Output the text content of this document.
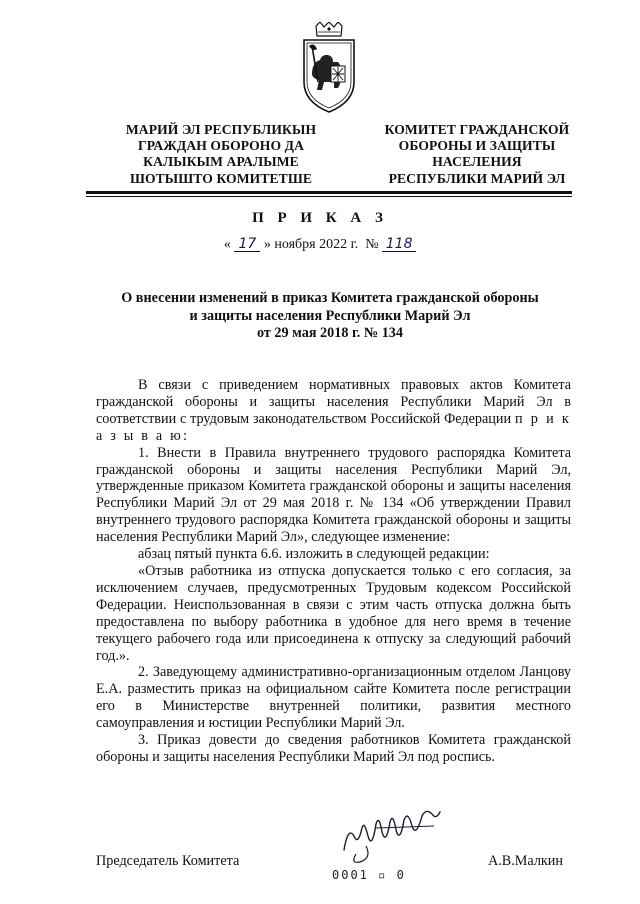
МАРИЙ ЭЛ РЕСПУБЛИКЫН
ГРАЖДАН ОБОРОНО ДА
КАЛЫКЫМ АРАЛЫМЕ
ШОТЫШТО КОМИТЕТШЕ
КОМИТЕТ ГРАЖДАНСКОЙ
ОБОРОНЫ И ЗАЩИТЫ
НАСЕЛЕНИЯ
РЕСПУБЛИКИ МАРИЙ ЭЛ
П Р И К А З
« 17 » ноября 2022 г. № 118
О внесении изменений в приказ Комитета гражданской обороны
и защиты населения Республики Марий Эл
от 29 мая 2018 г. № 134

В связи с приведением нормативных правовых актов Комитета гражданской обороны и защиты населения Республики Марий Эл в соответствии с трудовым законодательством Российской Федерации п р и к а з ы в а ю:

1. Внести в Правила внутреннего трудового распорядка Комитета гражданской обороны и защиты населения Республики Марий Эл, утвержденные приказом Комитета гражданской обороны и защиты населения Республики Марий Эл от 29 мая 2018 г. № 134 «Об утверждении Правил внутреннего трудового распорядка Комитета гражданской обороны и защиты населения Республики Марий Эл», следующее изменение:

абзац пятый пункта 6.6. изложить в следующей редакции:

«Отзыв работника из отпуска допускается только с его согласия, за исключением случаев, предусмотренных Трудовым кодексом Российской Федерации. Неиспользованная в связи с этим часть отпуска должна быть предоставлена по выбору работника в удобное для него время в течение текущего рабочего года или присоединена к отпуску за следующий рабочий год.».

2. Заведующему административно-организационным отделом Ланцову Е.А. разместить приказ на официальном сайте Комитета после регистрации его в Министерстве внутренней политики, развития местного самоуправления и юстиции Республики Марий Эл.

3. Приказ довести до сведения работников Комитета гражданской обороны и защиты населения Республики Марий Эл под роспись.

Председатель Комитета	А.В.Малкин
0001 ▫ 0
